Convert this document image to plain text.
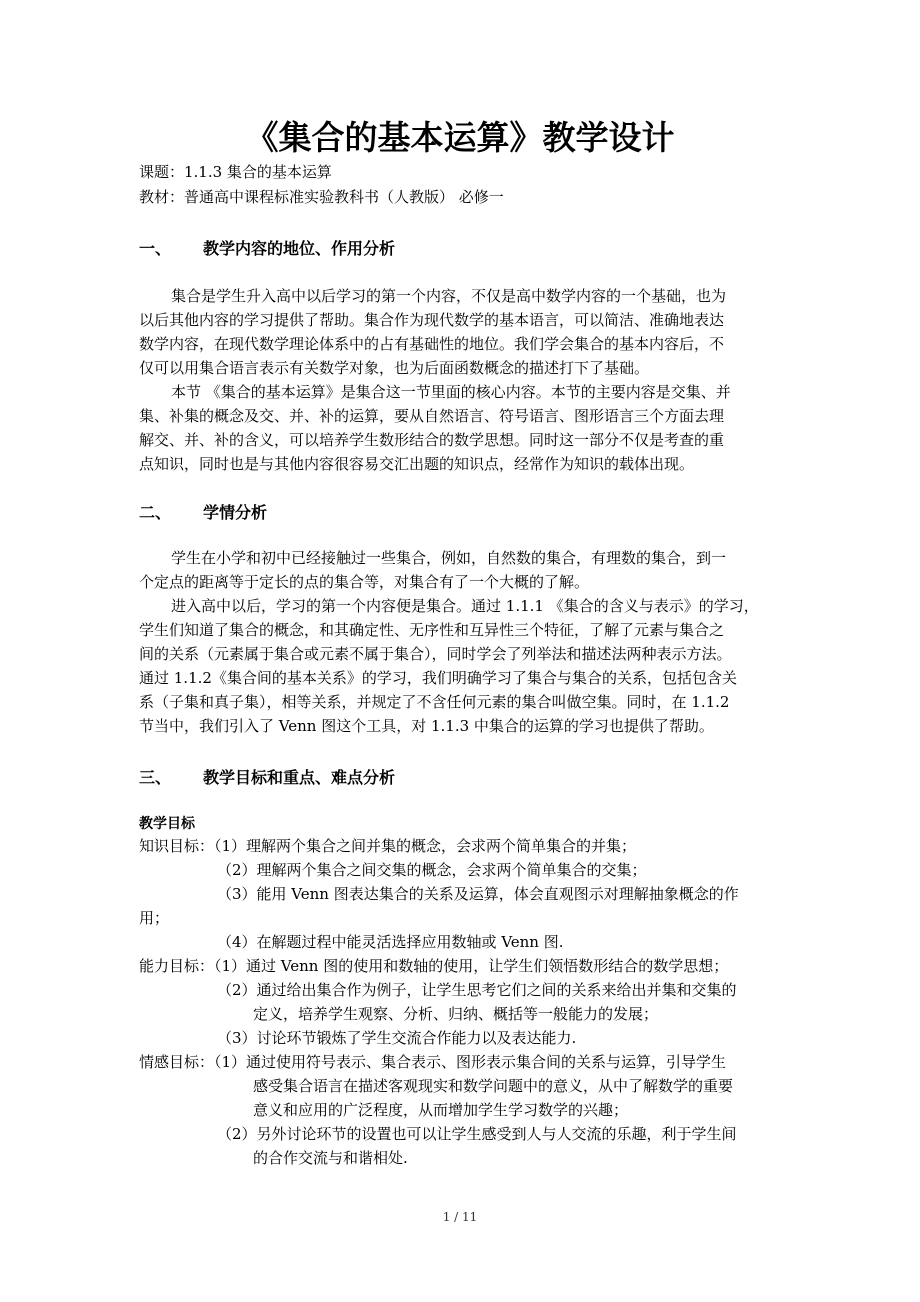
《集合的基本运算》教学设计
课题：1.1.3 集合的基本运算
教材：普通高中课程标准实验教科书（人教版） 必修一
一、 教学内容的地位、作用分析
集合是学生升入高中以后学习的第一个内容，不仅是高中数学内容的一个基础，也为
以后其他内容的学习提供了帮助。集合作为现代数学的基本语言，可以简洁、准确地表达
数学内容，在现代数学理论体系中的占有基础性的地位。我们学会集合的基本内容后，不
仅可以用集合语言表示有关数学对象，也为后面函数概念的描述打下了基础。
本节 《集合的基本运算》是集合这一节里面的核心内容。本节的主要内容是交集、并
集、补集的概念及交、并、补的运算，要从自然语言、符号语言、图形语言三个方面去理
解交、并、补的含义，可以培养学生数形结合的数学思想。同时这一部分不仅是考查的重
点知识，同时也是与其他内容很容易交汇出题的知识点，经常作为知识的载体出现。
二、 学情分析
学生在小学和初中已经接触过一些集合，例如，自然数的集合，有理数的集合，到一
个定点的距离等于定长的点的集合等，对集合有了一个大概的了解。
进入高中以后，学习的第一个内容便是集合。通过 1.1.1 《集合的含义与表示》的学习，
学生们知道了集合的概念，和其确定性、无序性和互异性三个特征，了解了元素与集合之
间的关系（元素属于集合或元素不属于集合），同时学会了列举法和描述法两种表示方法。
通过 1.1.2《集合间的基本关系》的学习，我们明确学习了集合与集合的关系，包括包含关
系（子集和真子集），相等关系，并规定了不含任何元素的集合叫做空集。同时，在 1.1.2
节当中，我们引入了 Venn 图这个工具，对 1.1.3 中集合的运算的学习也提供了帮助。
三、 教学目标和重点、难点分析
教学目标
知识目标：（1）理解两个集合之间并集的概念，会求两个简单集合的并集；
（2）理解两个集合之间交集的概念，会求两个简单集合的交集；
（3）能用 Venn 图表达集合的关系及运算，体会直观图示对理解抽象概念的作
用；
（4）在解题过程中能灵活选择应用数轴或 Venn 图.
能力目标：（1）通过 Venn 图的使用和数轴的使用，让学生们领悟数形结合的数学思想；
（2）通过给出集合作为例子，让学生思考它们之间的关系来给出并集和交集的
定义，培养学生观察、分析、归纳、概括等一般能力的发展；
（3）讨论环节锻炼了学生交流合作能力以及表达能力.
情感目标：（1）通过使用符号表示、集合表示、图形表示集合间的关系与运算，引导学生
感受集合语言在描述客观现实和数学问题中的意义，从中了解数学的重要
意义和应用的广泛程度，从而增加学生学习数学的兴趣；
（2）另外讨论环节的设置也可以让学生感受到人与人交流的乐趣，利于学生间
的合作交流与和谐相处.
1 / 11
